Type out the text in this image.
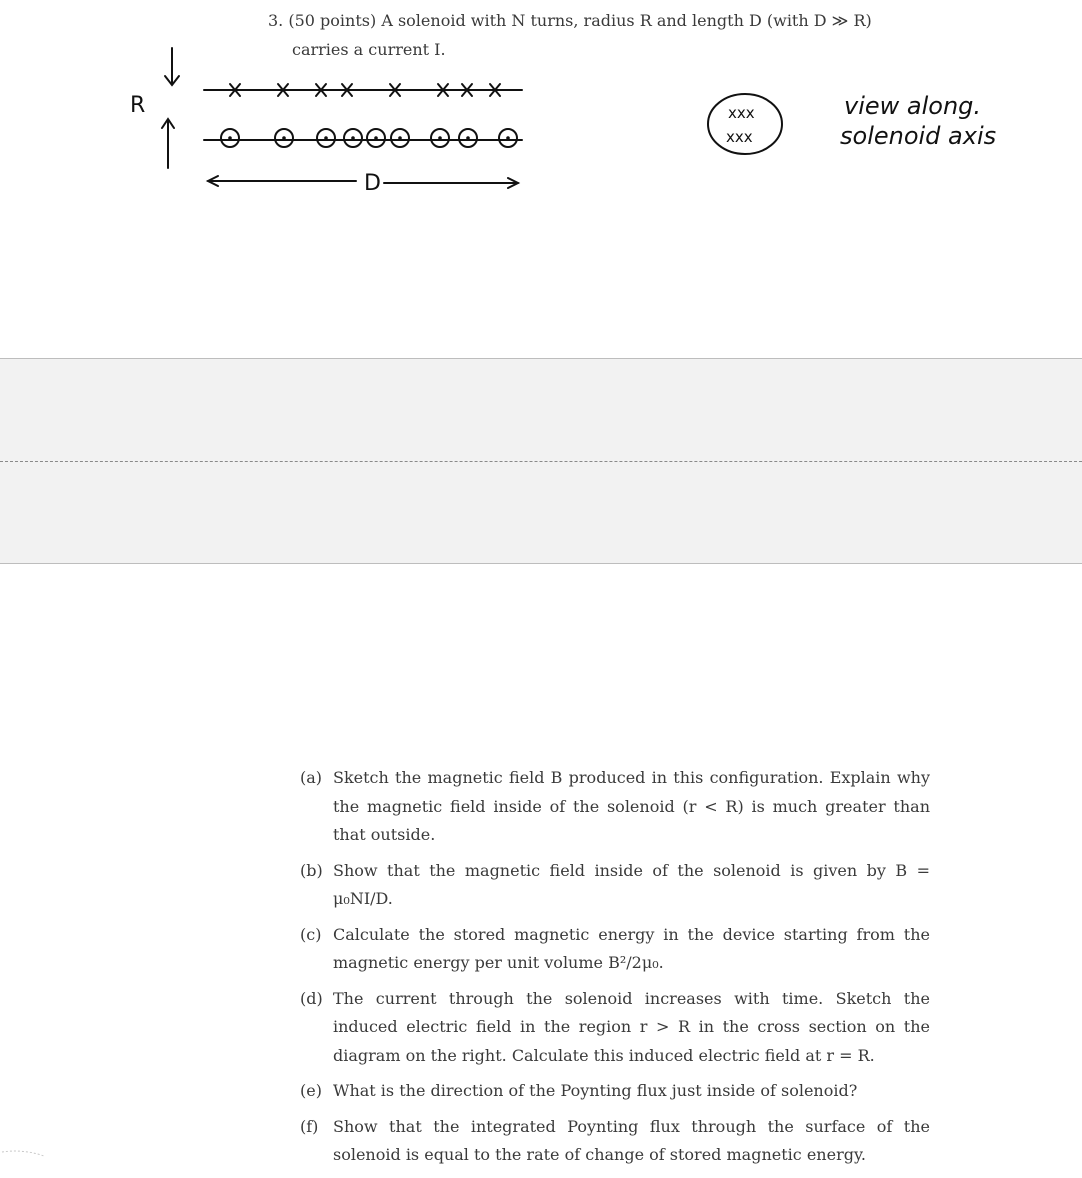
3. (50 points) A solenoid with N turns, radius R and length D (with D ≫ R)
carries a current I.
R
D
xxx
xxx
view along.
solenoid axis
(a) Sketch the magnetic field B produced in this configuration. Explain why the magnetic field inside of the solenoid (r < R) is much greater than that outside.
(b) Show that the magnetic field inside of the solenoid is given by B = μ₀NI/D.
(c) Calculate the stored magnetic energy in the device starting from the magnetic energy per unit volume B²/2μ₀.
(d) The current through the solenoid increases with time. Sketch the induced electric field in the region r > R in the cross section on the diagram on the right. Calculate this induced electric field at r = R.
(e) What is the direction of the Poynting flux just inside of solenoid?
(f) Show that the integrated Poynting flux through the surface of the solenoid is equal to the rate of change of stored magnetic energy.
